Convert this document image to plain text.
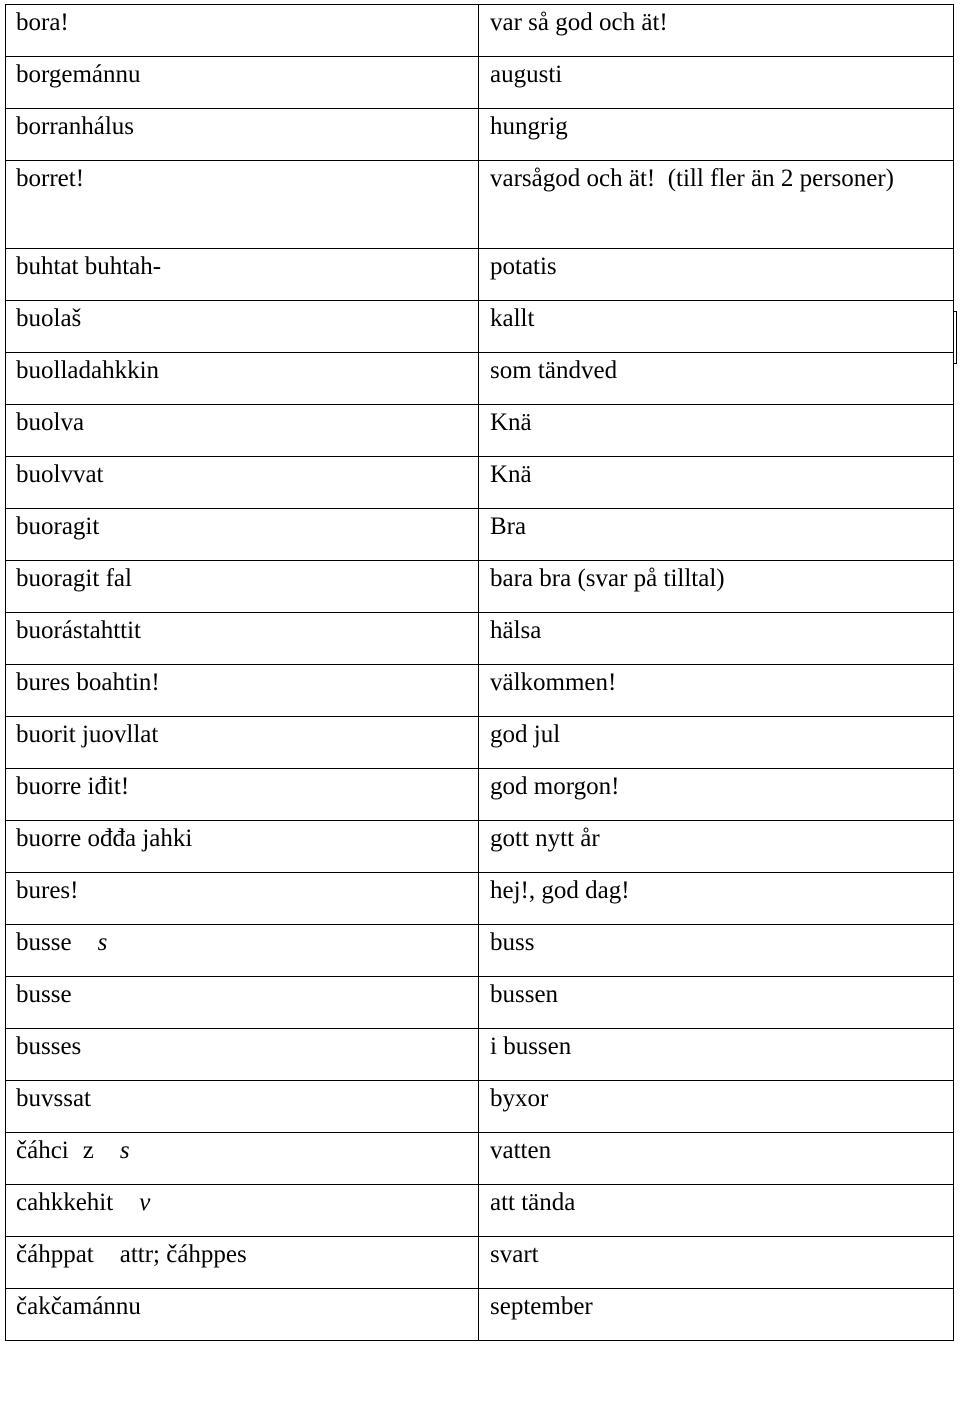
bora!	var så god och ät!
borgemánnu	augusti
borranhálus	hungrig
borret!	varsågod och ät!  (till fler än 2 personer)
buhtat buhtah-	potatis
buolaš	kallt
buolladahkkin	som tändved
buolva	Knä
buolvvat	Knä
buoragit	Bra
buoragit fal	bara bra (svar på tilltal)
buorástahttit	hälsa
bures boahtin!	välkommen!
buorit juovllat	god jul
buorre iđit!	god morgon!
buorre ođđa jahki	gott nytt år
bures!	hej!, god dag!
busse s	buss
busse	bussen
busses	i bussen
buvssat	byxor
čáhci z s	vatten
cahkkehit v	att tända
čáhppat attr; čáhppes	svart
čakčamánnu	september
